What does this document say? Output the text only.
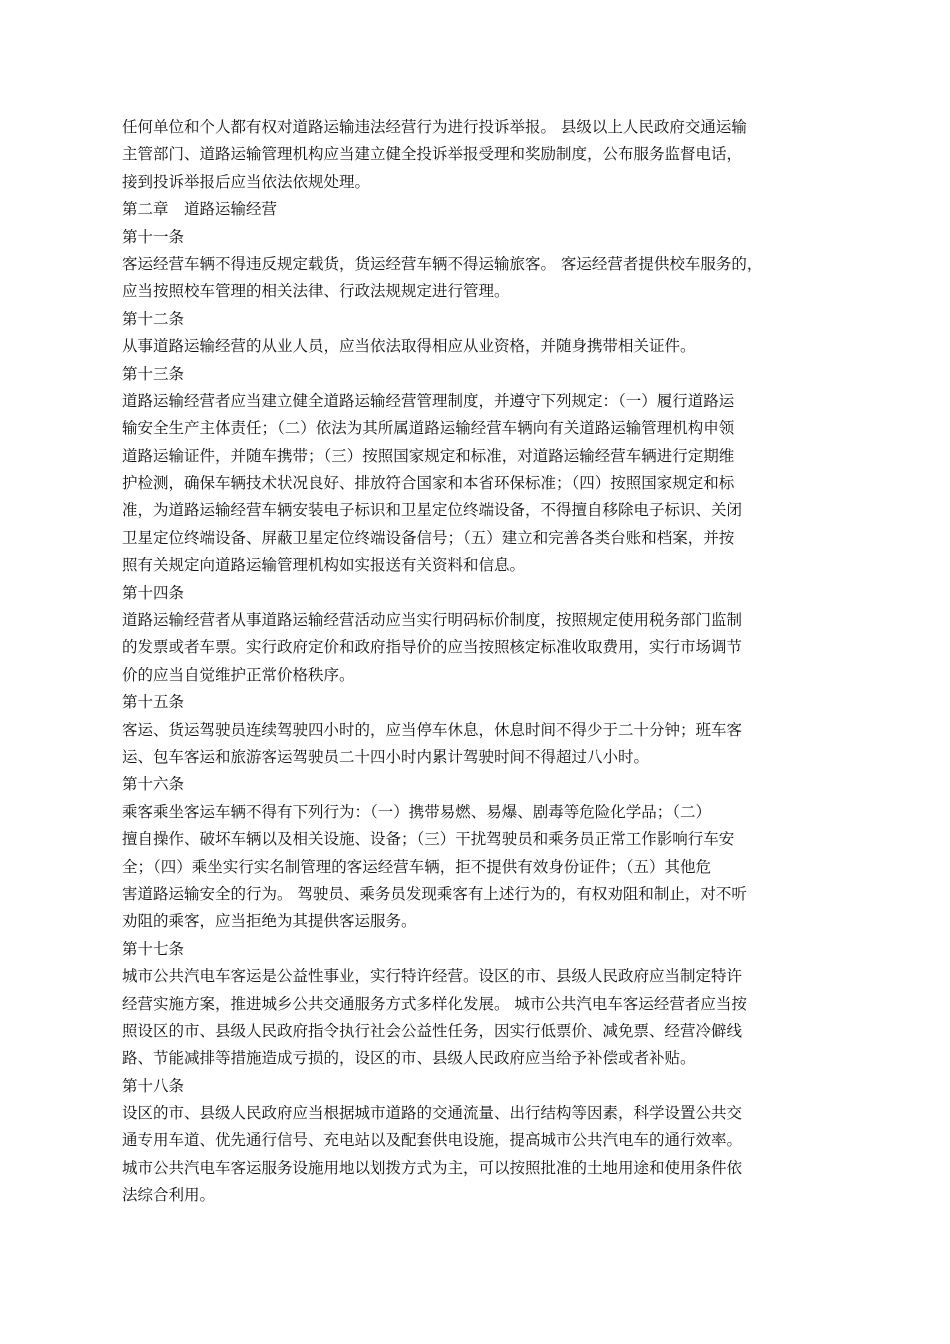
任何单位和个人都有权对道路运输违法经营行为进行投诉举报。 县级以上人民政府交通运输
主管部门、道路运输管理机构应当建立健全投诉举报受理和奖励制度，公布服务监督电话，
接到投诉举报后应当依法依规处理。
第二章　道路运输经营
第十一条
客运经营车辆不得违反规定载货，货运经营车辆不得运输旅客。 客运经营者提供校车服务的，
应当按照校车管理的相关法律、行政法规规定进行管理。
第十二条
从事道路运输经营的从业人员，应当依法取得相应从业资格，并随身携带相关证件。
第十三条
道路运输经营者应当建立健全道路运输经营管理制度，并遵守下列规定：（一）履行道路运
输安全生产主体责任；（二）依法为其所属道路运输经营车辆向有关道路运输管理机构申领
道路运输证件，并随车携带；（三）按照国家规定和标准，对道路运输经营车辆进行定期维
护检测，确保车辆技术状况良好、排放符合国家和本省环保标准；（四）按照国家规定和标
准，为道路运输经营车辆安装电子标识和卫星定位终端设备，不得擅自移除电子标识、关闭
卫星定位终端设备、屏蔽卫星定位终端设备信号；（五）建立和完善各类台账和档案，并按
照有关规定向道路运输管理机构如实报送有关资料和信息。
第十四条
道路运输经营者从事道路运输经营活动应当实行明码标价制度，按照规定使用税务部门监制
的发票或者车票。实行政府定价和政府指导价的应当按照核定标准收取费用，实行市场调节
价的应当自觉维护正常价格秩序。
第十五条
客运、货运驾驶员连续驾驶四小时的，应当停车休息，休息时间不得少于二十分钟；班车客
运、包车客运和旅游客运驾驶员二十四小时内累计驾驶时间不得超过八小时。
第十六条
乘客乘坐客运车辆不得有下列行为：（一）携带易燃、易爆、剧毒等危险化学品；（二）
擅自操作、破坏车辆以及相关设施、设备；（三）干扰驾驶员和乘务员正常工作影响行车安
全；（四）乘坐实行实名制管理的客运经营车辆，拒不提供有效身份证件；（五）其他危
害道路运输安全的行为。 驾驶员、乘务员发现乘客有上述行为的，有权劝阻和制止，对不听
劝阻的乘客，应当拒绝为其提供客运服务。
第十七条
城市公共汽电车客运是公益性事业，实行特许经营。设区的市、县级人民政府应当制定特许
经营实施方案，推进城乡公共交通服务方式多样化发展。 城市公共汽电车客运经营者应当按
照设区的市、县级人民政府指令执行社会公益性任务，因实行低票价、减免票、经营冷僻线
路、节能减排等措施造成亏损的，设区的市、县级人民政府应当给予补偿或者补贴。
第十八条
设区的市、县级人民政府应当根据城市道路的交通流量、出行结构等因素，科学设置公共交
通专用车道、优先通行信号、充电站以及配套供电设施，提高城市公共汽电车的通行效率。
城市公共汽电车客运服务设施用地以划拨方式为主，可以按照批准的土地用途和使用条件依
法综合利用。
